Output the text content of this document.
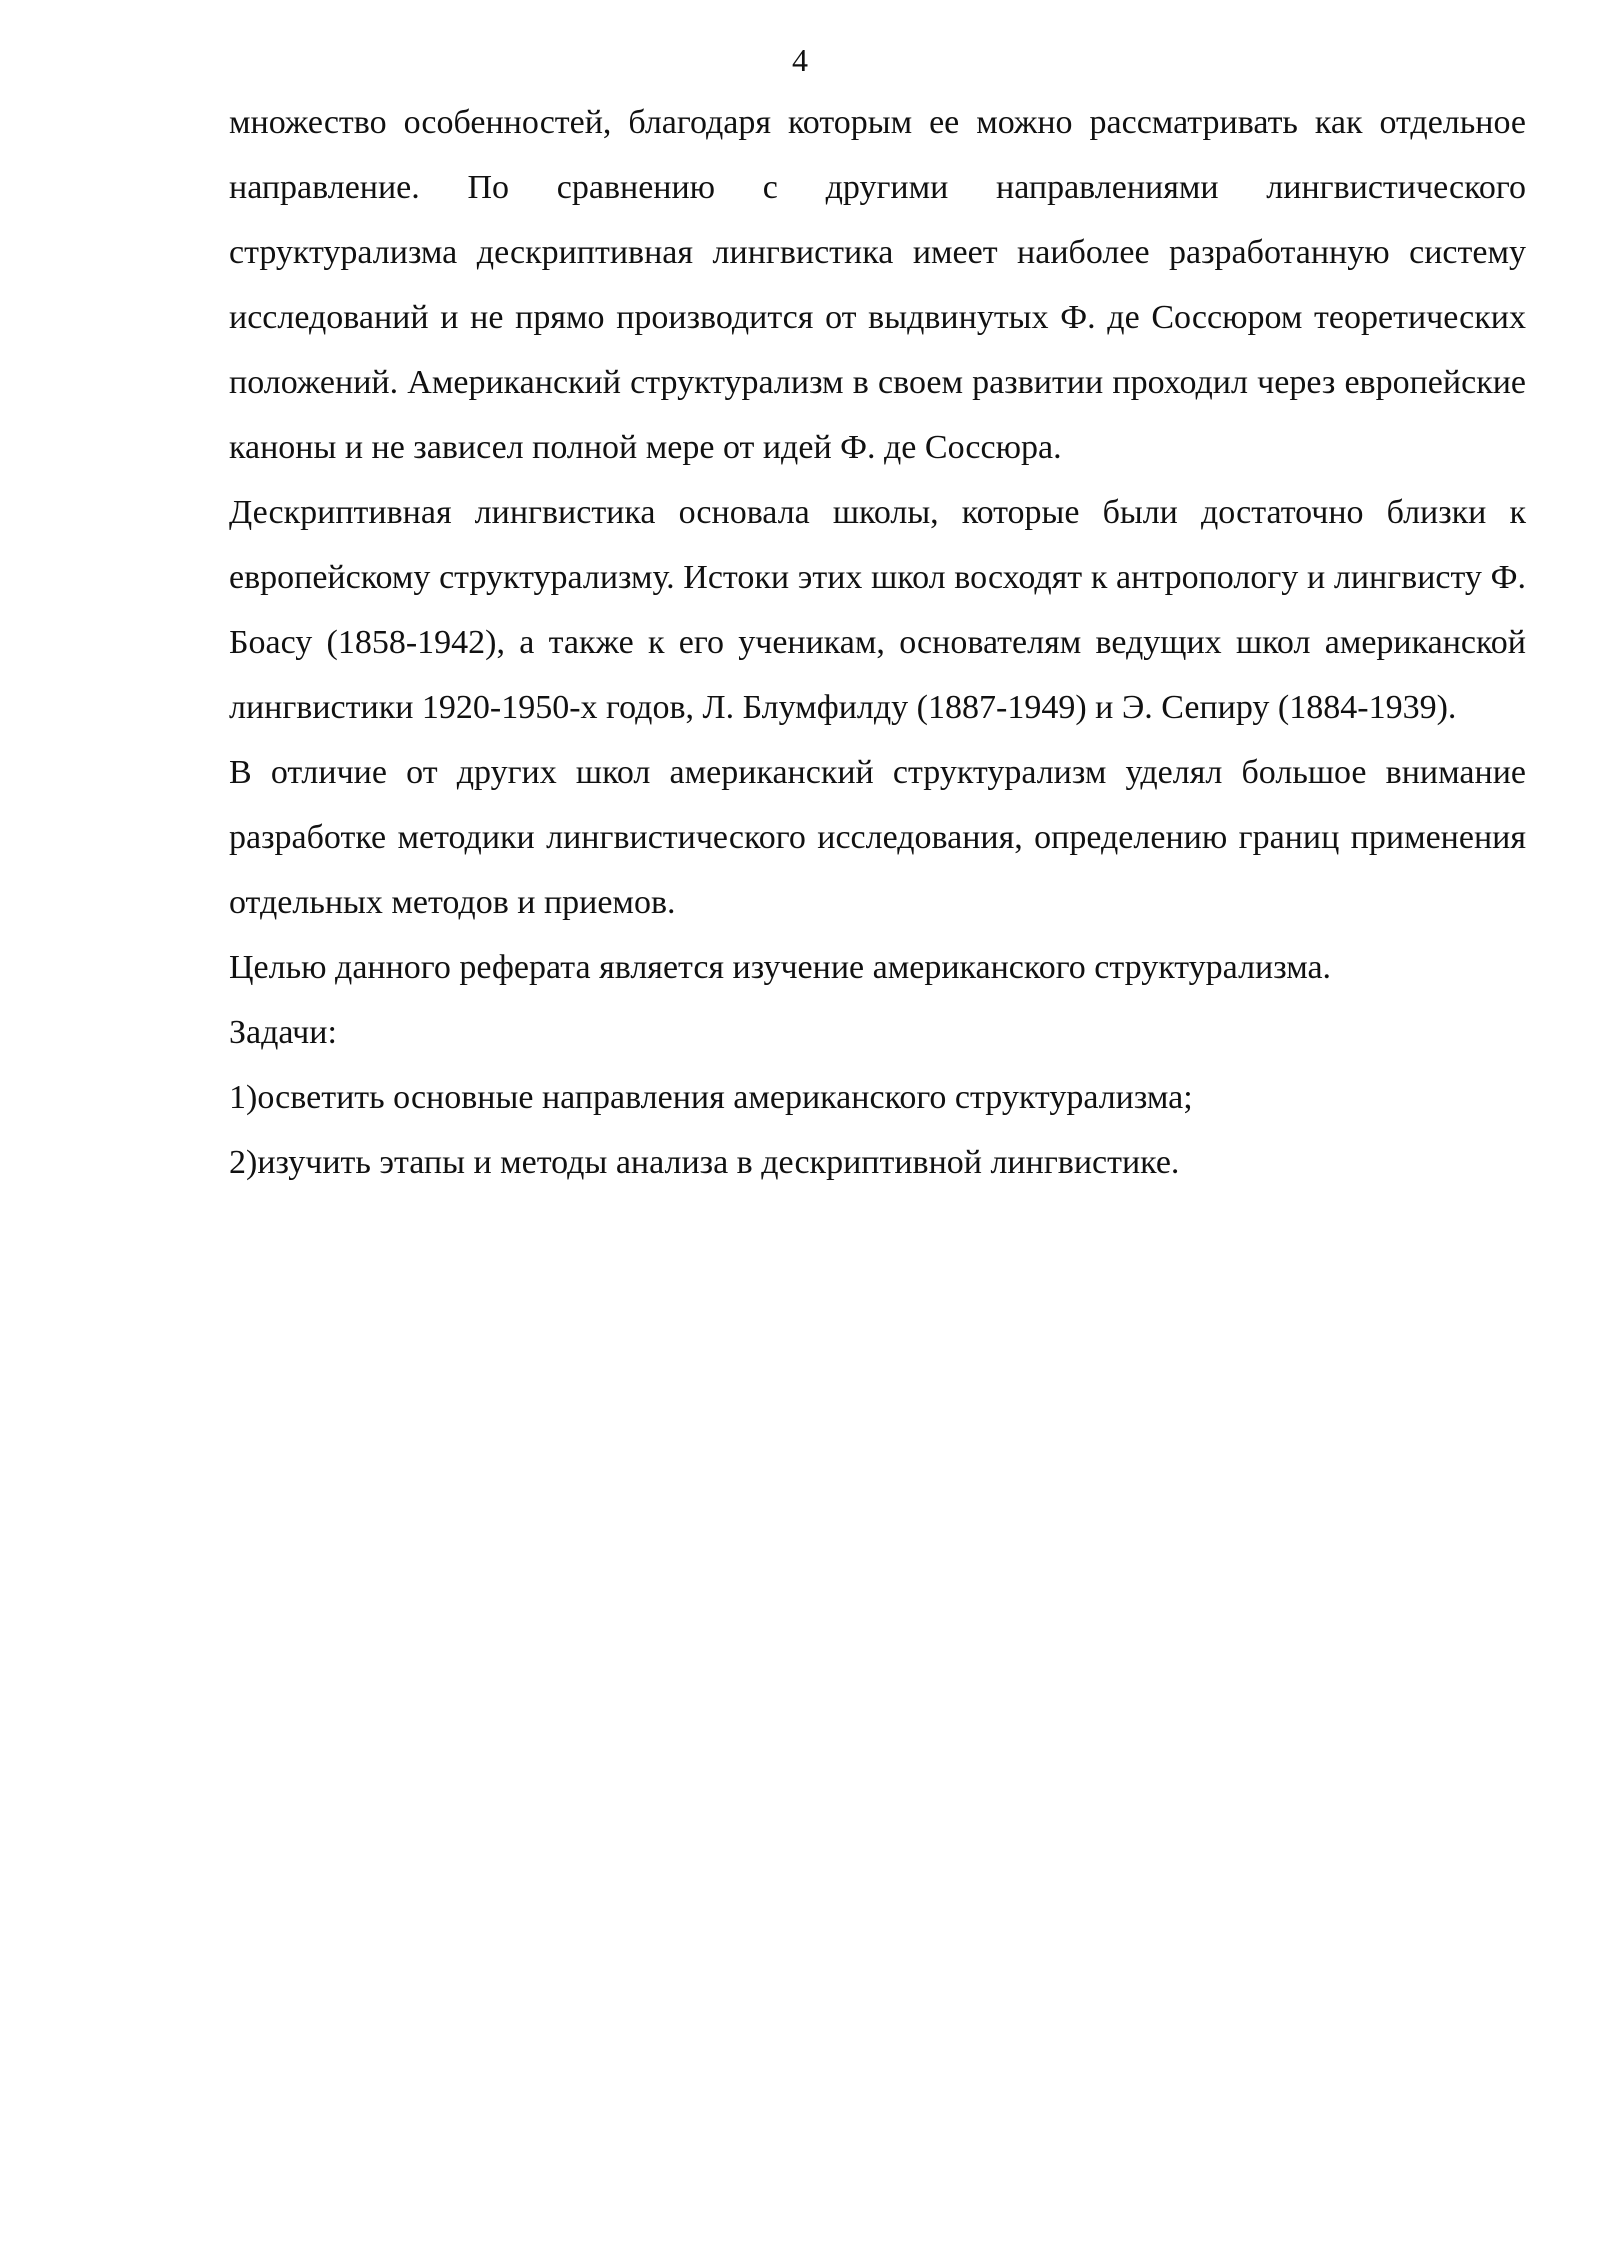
4

множество особенностей, благодаря которым ее можно рассматривать как отдельное направление. По сравнению с другими направлениями лингвистического структурализма дескриптивная лингвистика имеет наиболее разработанную систему исследований и не прямо производится от выдвинутых Ф. де Соссюром теоретических положений. Американский структурализм в своем развитии проходил через европейские каноны и не зависел полной мере от идей Ф. де Соссюра.

Дескриптивная лингвистика основала школы, которые были достаточно близки к европейскому структурализму. Истоки этих школ восходят к антропологу и лингвисту Ф. Боасу (1858-1942), а также к его ученикам, основателям ведущих школ американской лингвистики 1920-1950-х годов, Л. Блумфилду (1887-1949) и Э. Сепиру (1884-1939).

В отличие от других школ американский структурализм уделял большое внимание разработке методики лингвистического исследования, определению границ применения отдельных методов и приемов.

Целью данного реферата является изучение американского структурализма.

Задачи:

1)осветить основные направления американского структурализма;

2)изучить этапы и методы анализа в дескриптивной лингвистике.
